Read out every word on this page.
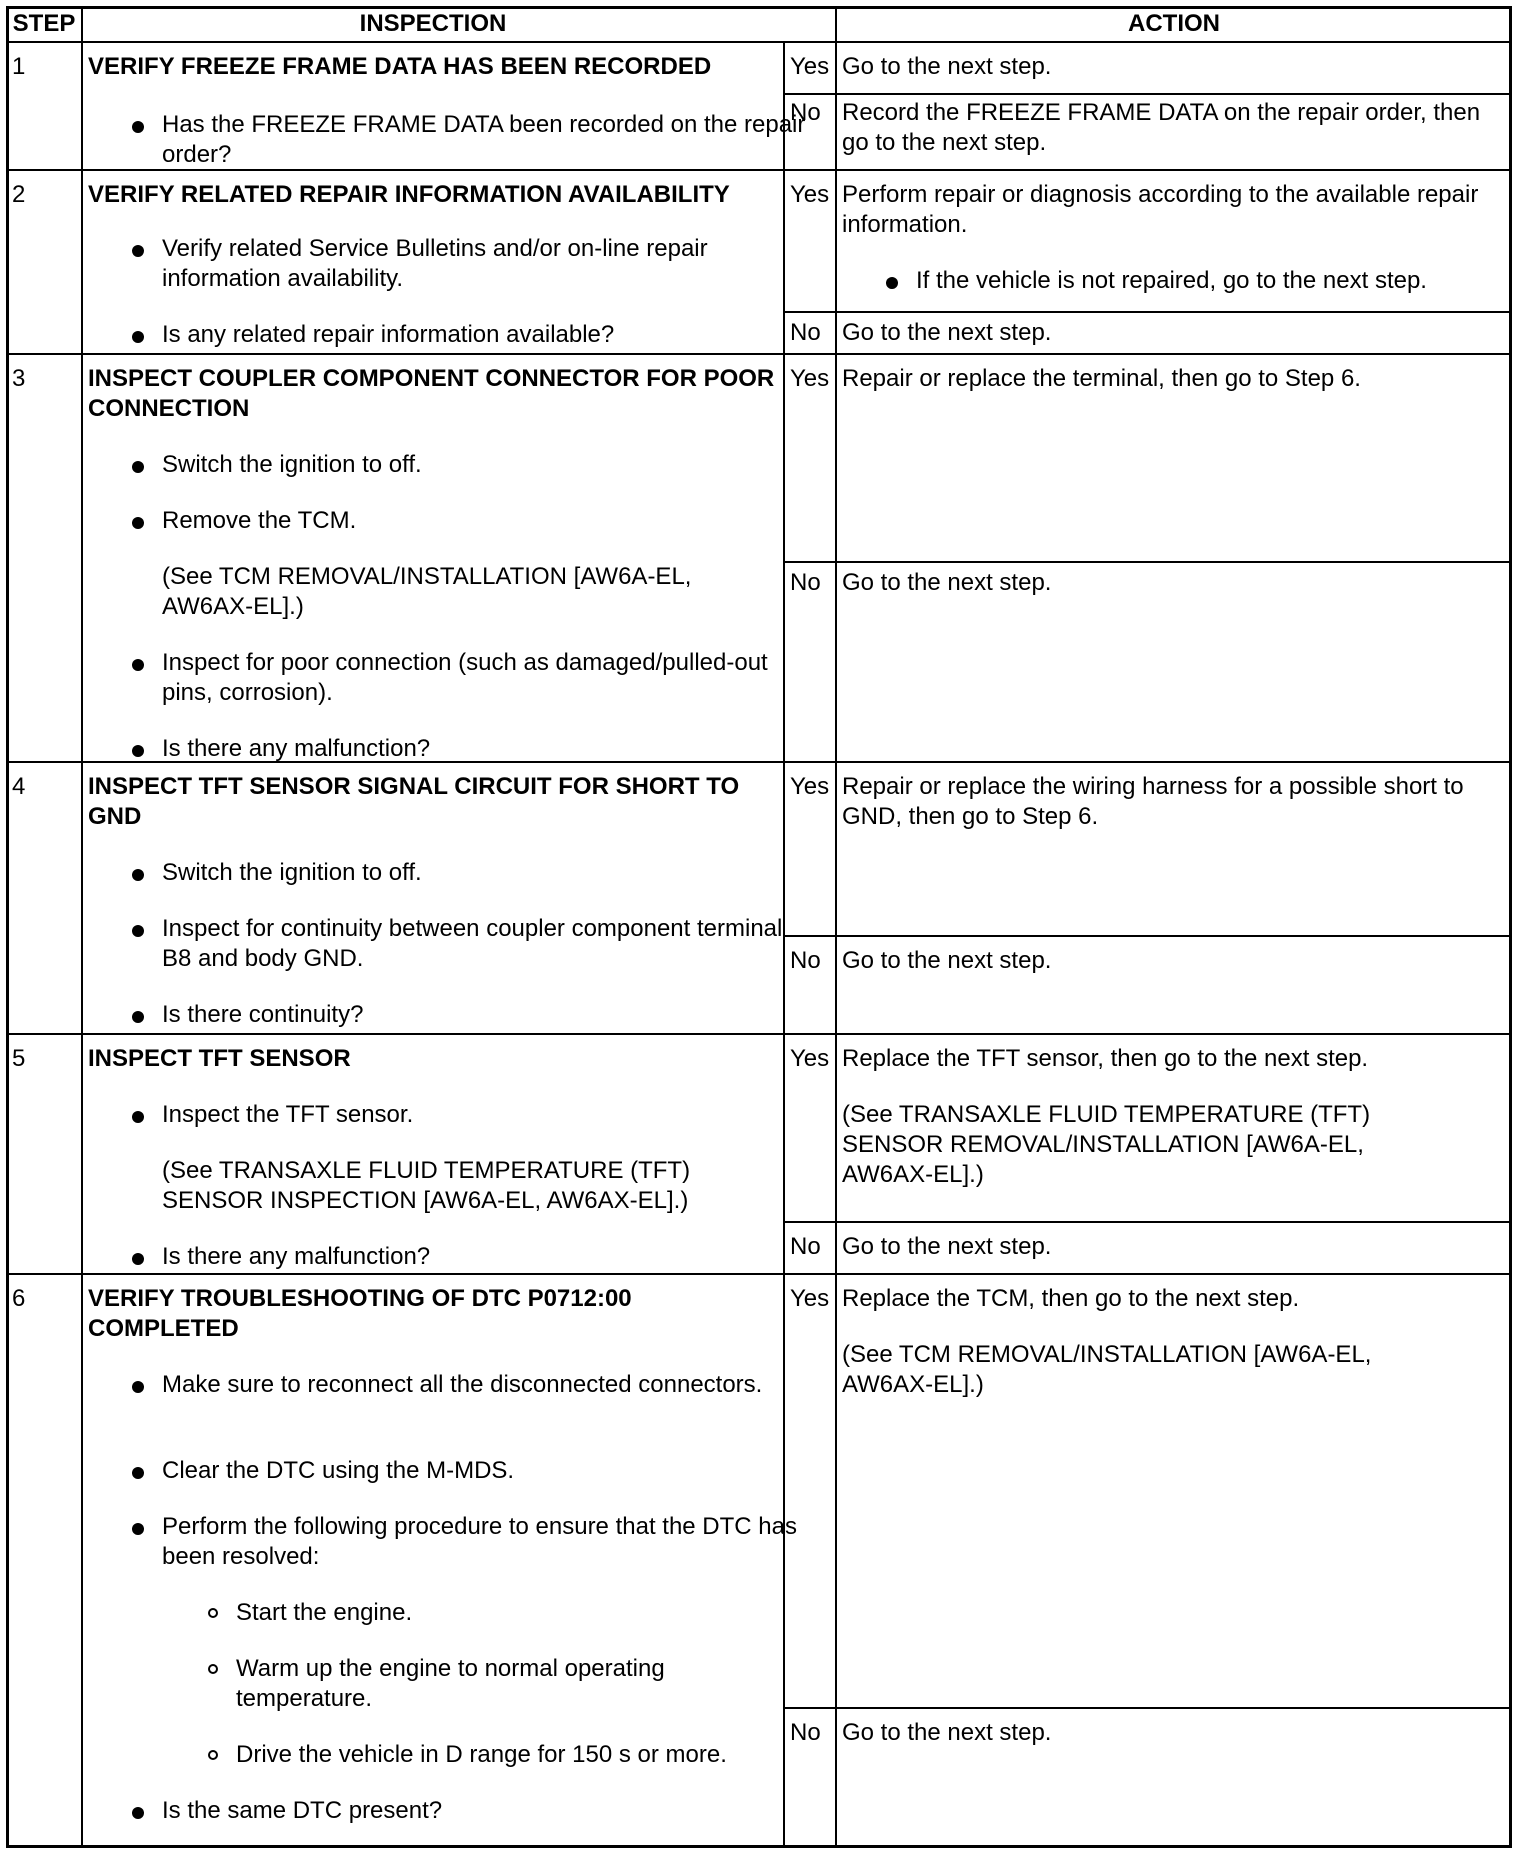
STEP	INSPECTION	ACTION
1	VERIFY FREEZE FRAME DATA HAS BEEN RECORDED
Has the FREEZE FRAME DATA been recorded on the repair order?
Yes Go to the next step.
No Record the FREEZE FRAME DATA on the repair order, then go to the next step.
2	VERIFY RELATED REPAIR INFORMATION AVAILABILITY
Verify related Service Bulletins and/or on-line repair information availability.
Is any related repair information available?
Yes Perform repair or diagnosis according to the available repair information.
If the vehicle is not repaired, go to the next step.
No Go to the next step.
3	INSPECT COUPLER COMPONENT CONNECTOR FOR POOR CONNECTION
Switch the ignition to off.
Remove the TCM.
(See TCM REMOVAL/INSTALLATION [AW6A-EL, AW6AX-EL].)
Inspect for poor connection (such as damaged/pulled-out pins, corrosion).
Is there any malfunction?
Yes Repair or replace the terminal, then go to Step 6.
No Go to the next step.
4	INSPECT TFT SENSOR SIGNAL CIRCUIT FOR SHORT TO GND
Switch the ignition to off.
Inspect for continuity between coupler component terminal B8 and body GND.
Is there continuity?
Yes Repair or replace the wiring harness for a possible short to GND, then go to Step 6.
No Go to the next step.
5	INSPECT TFT SENSOR
Inspect the TFT sensor.
(See TRANSAXLE FLUID TEMPERATURE (TFT) SENSOR INSPECTION [AW6A-EL, AW6AX-EL].)
Is there any malfunction?
Yes Replace the TFT sensor, then go to the next step.
(See TRANSAXLE FLUID TEMPERATURE (TFT) SENSOR REMOVAL/INSTALLATION [AW6A-EL, AW6AX-EL].)
No Go to the next step.
6	VERIFY TROUBLESHOOTING OF DTC P0712:00 COMPLETED
Make sure to reconnect all the disconnected connectors.
Clear the DTC using the M-MDS.
Perform the following procedure to ensure that the DTC has been resolved:
Start the engine.
Warm up the engine to normal operating temperature.
Drive the vehicle in D range for 150 s or more.
Is the same DTC present?
Yes Replace the TCM, then go to the next step.
(See TCM REMOVAL/INSTALLATION [AW6A-EL, AW6AX-EL].)
No Go to the next step.
